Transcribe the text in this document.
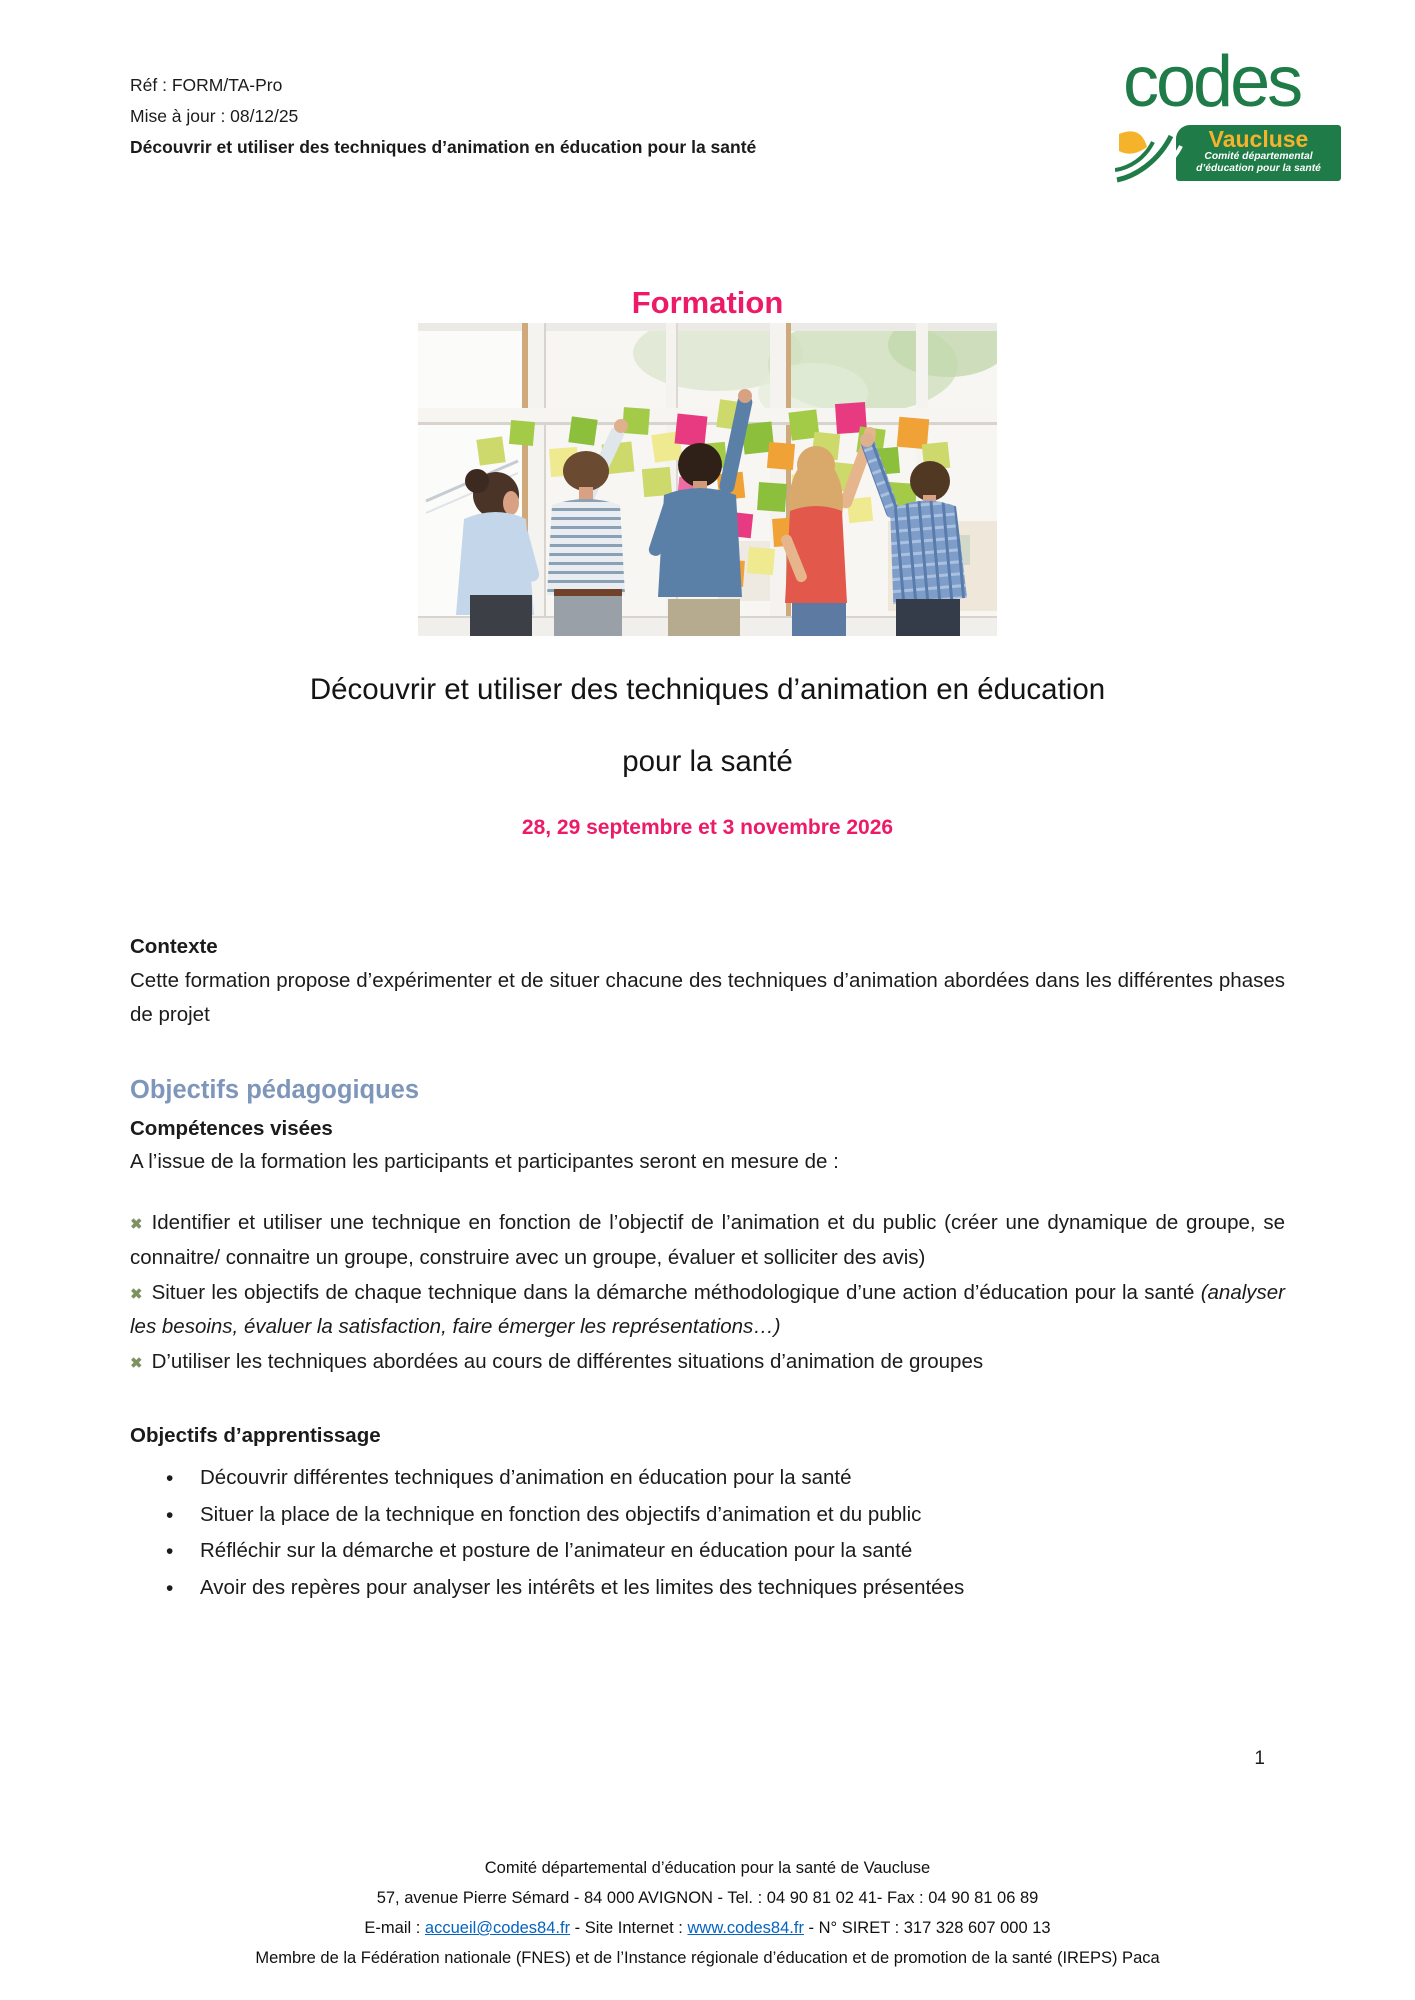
Réf : FORM/TA-Pro
Mise à jour : 08/12/25
Découvrir et utiliser des techniques d’animation en éducation pour la santé	Vaucluse
Comité départemental
d’éducation pour la santé
codes
Formation
Découvrir et utiliser des techniques d’animation en éducation
pour la santé
28, 29 septembre et 3 novembre 2026
Contexte

Cette formation propose d’expérimenter et de situer chacune des techniques d’animation abordées dans les différentes phases de projet

Objectifs pédagogiques
Compétences visées
A l’issue de la formation les participants et participantes seront en mesure de :

✖Identifier et utiliser une technique en fonction de l’objectif de l’animation et du public (créer une dynamique de groupe, se connaitre/ connaitre un groupe, construire avec un groupe, évaluer et solliciter des avis)

✖Situer les objectifs de chaque technique dans la démarche méthodologique d’une action d’éducation pour la santé (analyser les besoins, évaluer la satisfaction, faire émerger les représentations…)

✖D’utiliser les techniques abordées au cours de différentes situations d’animation de groupes

Objectifs d’apprentissage
•
Découvrir différentes techniques d’animation en éducation pour la santé
•
Situer la place de la technique en fonction des objectifs d’animation et du public
•
Réfléchir sur la démarche et posture de l’animateur en éducation pour la santé
•
Avoir des repères pour analyser les intérêts et les limites des techniques présentées
1
Comité départemental d’éducation pour la santé de Vaucluse
57, avenue Pierre Sémard - 84 000 AVIGNON - Tel. : 04 90 81 02 41- Fax : 04 90 81 06 89
E-mail : accueil@codes84.fr - Site Internet : www.codes84.fr - N° SIRET : 317 328 607 000 13
Membre de la Fédération nationale (FNES) et de l’Instance régionale d’éducation et de promotion de la santé (IREPS) Paca
